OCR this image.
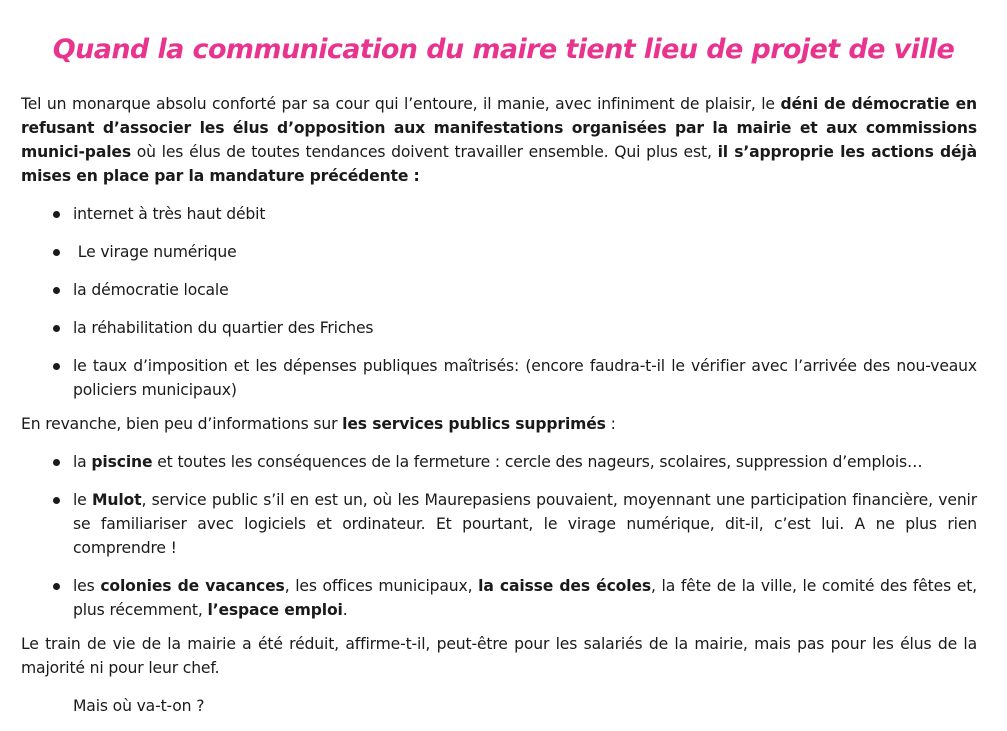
Quand la communication du maire tient lieu de projet de ville

Tel un monarque absolu conforté par sa cour qui l’entoure, il manie, avec infiniment de plaisir, le déni de démocratie en refusant d’associer les élus d’opposition aux manifestations organisées par la mairie et aux commissions munici-pales où les élus de toutes tendances doivent travailler ensemble. Qui plus est, il s’approprie les actions déjà mises en place par la mandature précédente :

internet à très haut débit
Le virage numérique
la démocratie locale
la réhabilitation du quartier des Friches
le taux d’imposition et les dépenses publiques maîtrisés: (encore faudra-t-il le vérifier avec l’arrivée des nou-veaux policiers municipaux)

En revanche, bien peu d’informations sur les services publics supprimés :

la piscine et toutes les conséquences de la fermeture : cercle des nageurs, scolaires, suppression d’emplois…
le Mulot, service public s’il en est un, où les Maurepasiens pouvaient, moyennant une participation financière, venir se familiariser avec logiciels et ordinateur. Et pourtant, le virage numérique, dit-il, c’est lui. A ne plus rien comprendre !
les colonies de vacances, les offices municipaux, la caisse des écoles, la fête de la ville, le comité des fêtes et, plus récemment, l’espace emploi.

Le train de vie de la mairie a été réduit, affirme-t-il, peut-être pour les salariés de la mairie, mais pas pour les élus de la majorité ni pour leur chef.

Mais où va-t-on ?
